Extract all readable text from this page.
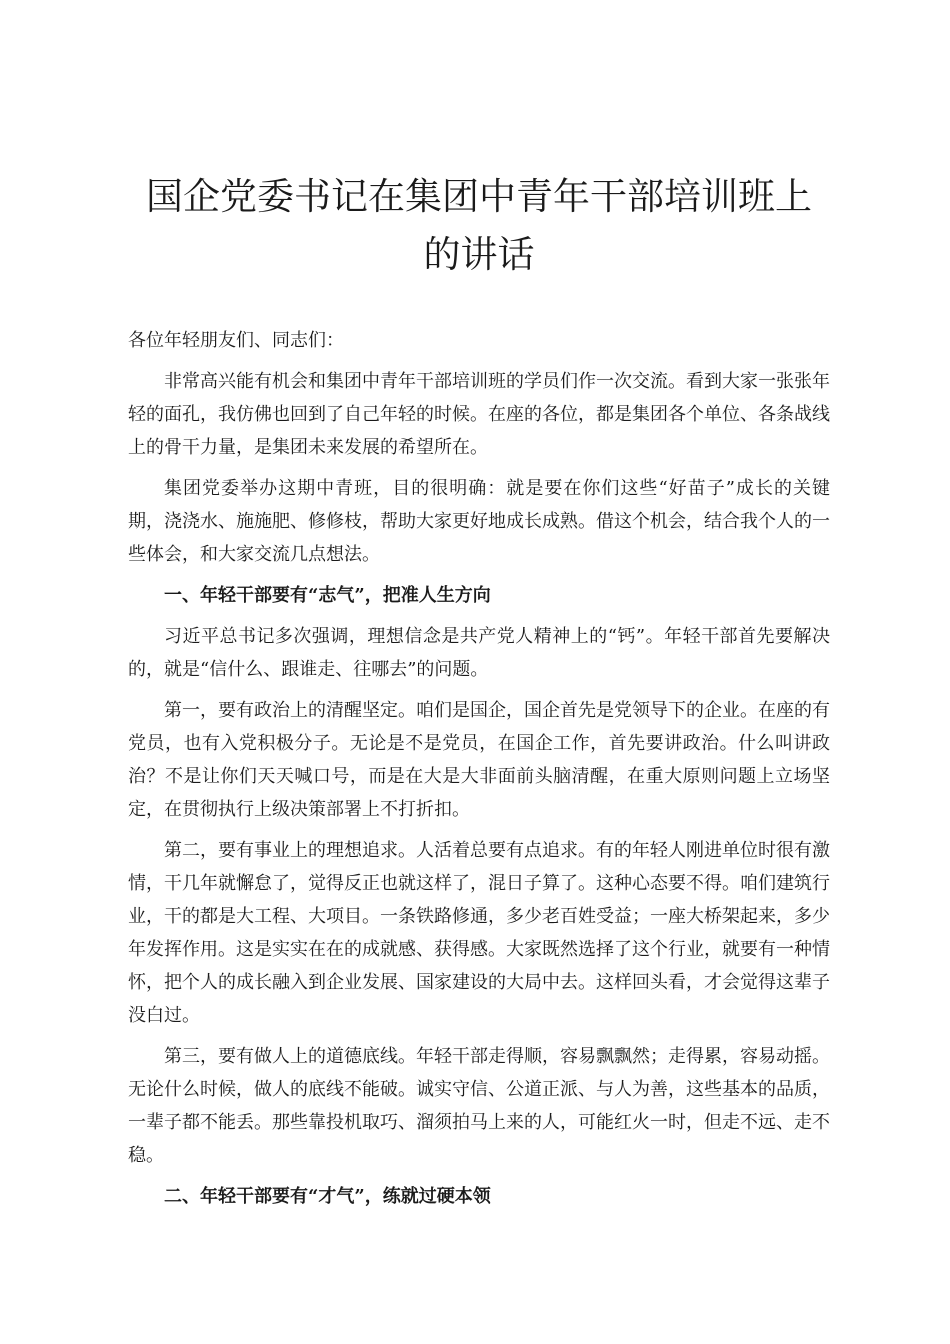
国企党委书记在集团中青年干部培训班上的讲话

各位年轻朋友们、同志们：

非常高兴能有机会和集团中青年干部培训班的学员们作一次交流。看到大家一张张年轻的面孔，我仿佛也回到了自己年轻的时候。在座的各位，都是集团各个单位、各条战线上的骨干力量，是集团未来发展的希望所在。

集团党委举办这期中青班，目的很明确：就是要在你们这些“好苗子”成长的关键期，浇浇水、施施肥、修修枝，帮助大家更好地成长成熟。借这个机会，结合我个人的一些体会，和大家交流几点想法。

一、年轻干部要有“志气”，把准人生方向

习近平总书记多次强调，理想信念是共产党人精神上的“钙”。年轻干部首先要解决的，就是“信什么、跟谁走、往哪去”的问题。

第一，要有政治上的清醒坚定。咱们是国企，国企首先是党领导下的企业。在座的有党员，也有入党积极分子。无论是不是党员，在国企工作，首先要讲政治。什么叫讲政治？不是让你们天天喊口号，而是在大是大非面前头脑清醒，在重大原则问题上立场坚定，在贯彻执行上级决策部署上不打折扣。

第二，要有事业上的理想追求。人活着总要有点追求。有的年轻人刚进单位时很有激情，干几年就懈怠了，觉得反正也就这样了，混日子算了。这种心态要不得。咱们建筑行业，干的都是大工程、大项目。一条铁路修通，多少老百姓受益；一座大桥架起来，多少年发挥作用。这是实实在在的成就感、获得感。大家既然选择了这个行业，就要有一种情怀，把个人的成长融入到企业发展、国家建设的大局中去。这样回头看，才会觉得这辈子没白过。

第三，要有做人上的道德底线。年轻干部走得顺，容易飘飘然；走得累，容易动摇。无论什么时候，做人的底线不能破。诚实守信、公道正派、与人为善，这些基本的品质，一辈子都不能丢。那些靠投机取巧、溜须拍马上来的人，可能红火一时，但走不远、走不稳。

二、年轻干部要有“才气”，练就过硬本领
